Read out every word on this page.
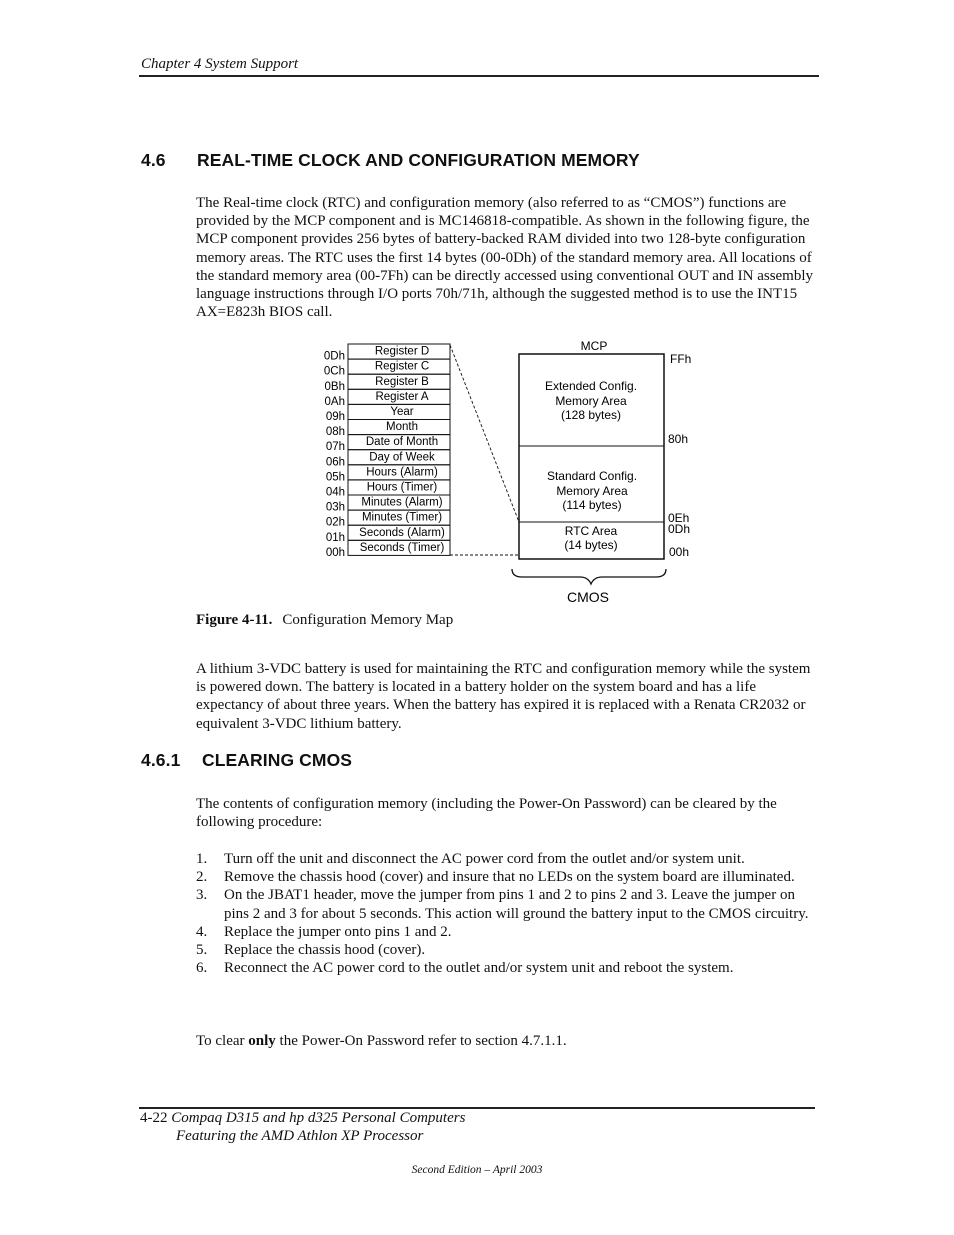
Chapter 4 System Support
4.6 REAL-TIME CLOCK AND CONFIGURATION MEMORY

The Real-time clock (RTC) and configuration memory (also referred to as “CMOS”) functions are provided by the MCP component and is MC146818-compatible. As shown in the following figure, the MCP component provides 256 bytes of battery-backed RAM divided into two 128-byte configuration memory areas. The RTC uses the first 14 bytes (00-0Dh) of the standard memory area. All locations of the standard memory area (00-7Fh) can be directly accessed using conventional OUT and IN assembly language instructions through I/O ports 70h/71h, although the suggested method is to use the INT15 AX=E823h BIOS call.

0Dh	Register D
0Ch	Register C
0Bh	Register B
0Ah	Register A
09h	Year
08h	Month
07h Date of Month
06h Day of Week
05h Hours (Alarm)
04h Hours (Timer)
03h Minutes (Alarm)
02h Minutes (Timer)
01h Seconds (Alarm)
00h Seconds (Timer)
MCP
Extended Config.
Memory Area
(128 bytes)
Standard Config.
Memory Area
(114 bytes)
RTC Area
(14 bytes)
FFh
80h
0Eh
0Dh
00h
CMOS
Figure 4-11. Configuration Memory Map

A lithium 3-VDC battery is used for maintaining the RTC and configuration memory while the system is powered down. The battery is located in a battery holder on the system board and has a life expectancy of about three years. When the battery has expired it is replaced with a Renata CR2032 or equivalent 3-VDC lithium battery.

4.6.1 CLEARING CMOS

The contents of configuration memory (including the Power-On Password) can be cleared by the following procedure:

1. Turn off the unit and disconnect the AC power cord from the outlet and/or system unit.
2. Remove the chassis hood (cover) and insure that no LEDs on the system board are illuminated.
3. On the JBAT1 header, move the jumper from pins 1 and 2 to pins 2 and 3. Leave the jumper on pins 2 and 3 for about 5 seconds. This action will ground the battery input to the CMOS circuitry.
4. Replace the jumper onto pins 1 and 2.
5. Replace the chassis hood (cover).
6. Reconnect the AC power cord to the outlet and/or system unit and reboot the system.

To clear only the Power-On Password refer to section 4.7.1.1.

4-22 Compaq D315 and hp d325 Personal Computers
Featuring the AMD Athlon XP Processor
Second Edition – April 2003
